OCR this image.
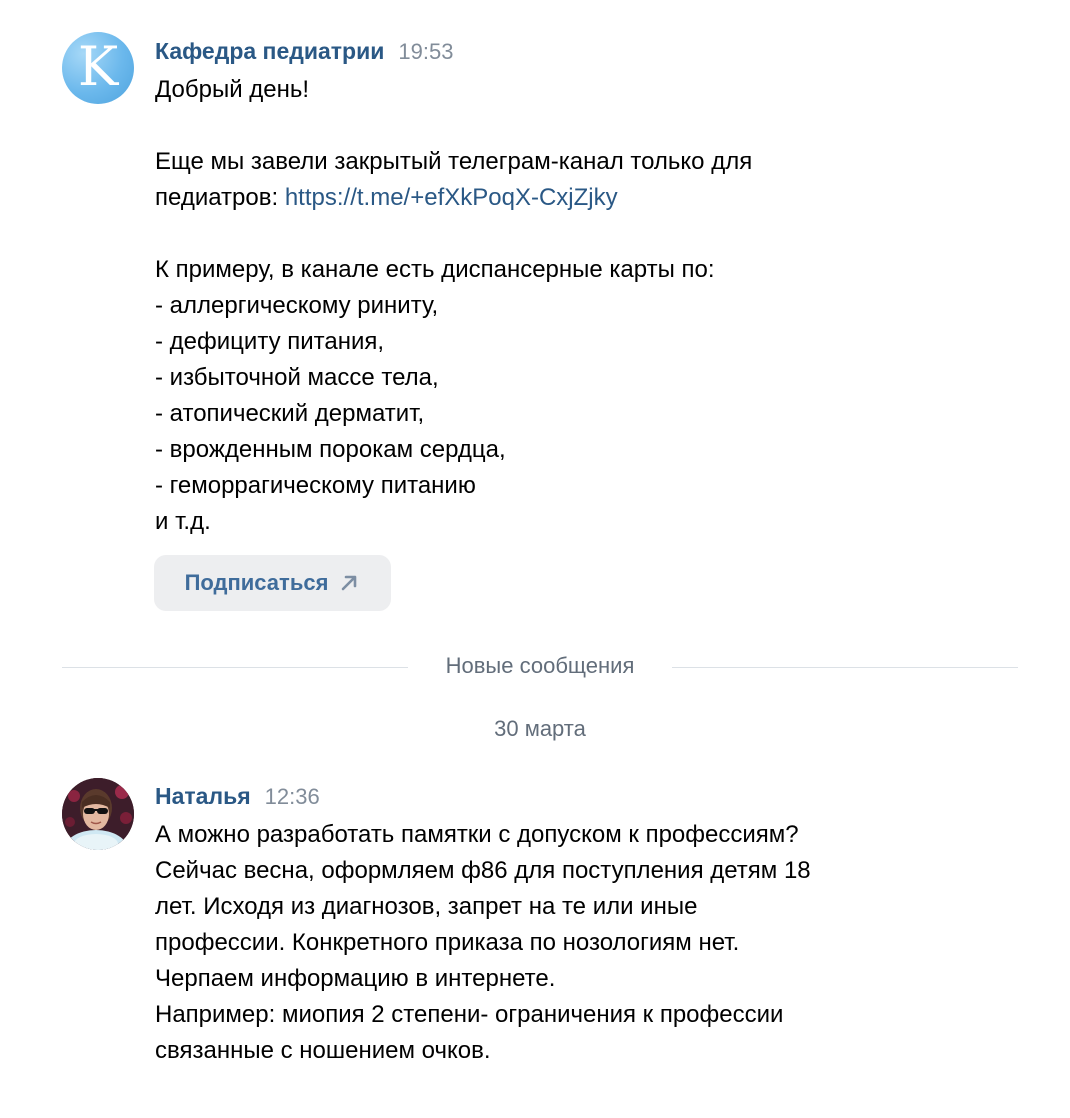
K Кафедра педиатрии 19:53
Добрый день!
Еще мы завели закрытый телеграм-канал только для
педиатров: https://t.me/+efXkPoqX-CxjZjky
К примеру, в канале есть диспансерные карты по:
- аллергическому риниту,
- дефициту питания,
- избыточной массе тела,
- атопический дерматит,
- врожденным порокам сердца,
- геморрагическому питанию
и т.д.
Подписаться
Новые сообщения
30 марта
Наталья 12:36
А можно разработать памятки с допуском к профессиям?
Сейчас весна, оформляем ф86 для поступления детям 18
лет. Исходя из диагнозов, запрет на те или иные
профессии. Конкретного приказа по нозологиям нет.
Черпаем информацию в интернете.
Например: миопия 2 степени- ограничения к профессии
связанные с ношением очков.
